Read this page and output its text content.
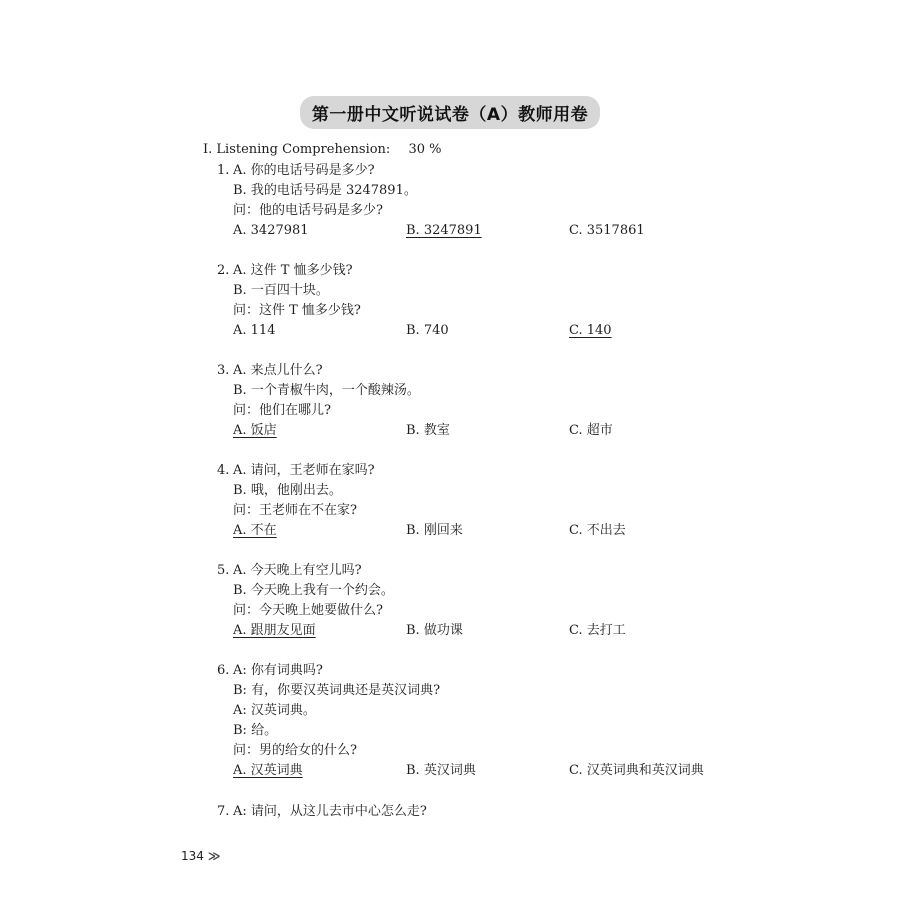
第一册中文听说试卷（A）教师用卷
I. Listening Comprehension: 30 %
1. A. 你的电话号码是多少?
B. 我的电话号码是 3247891。
问：他的电话号码是多少?
A. 3427981	B. 3247891	C. 3517861
2. A. 这件 T 恤多少钱?
B. 一百四十块。
问：这件 T 恤多少钱?
A. 114	B. 740	C. 140
3. A. 来点儿什么?
B. 一个青椒牛肉，一个酸辣汤。
问：他们在哪儿?
A. 饭店	B. 教室	C. 超市
4. A. 请问，王老师在家吗?
B. 哦，他刚出去。
问：王老师在不在家?
A. 不在	B. 刚回来	C. 不出去
5. A. 今天晚上有空儿吗?
B. 今天晚上我有一个约会。
问：今天晚上她要做什么?
A. 跟朋友见面	B. 做功课	C. 去打工
6. A: 你有词典吗?
B: 有，你要汉英词典还是英汉词典?
A: 汉英词典。
B: 给。
问：男的给女的什么?
A. 汉英词典	B. 英汉词典	C. 汉英词典和英汉词典
7. A: 请问，从这儿去市中心怎么走?
134 ≫
